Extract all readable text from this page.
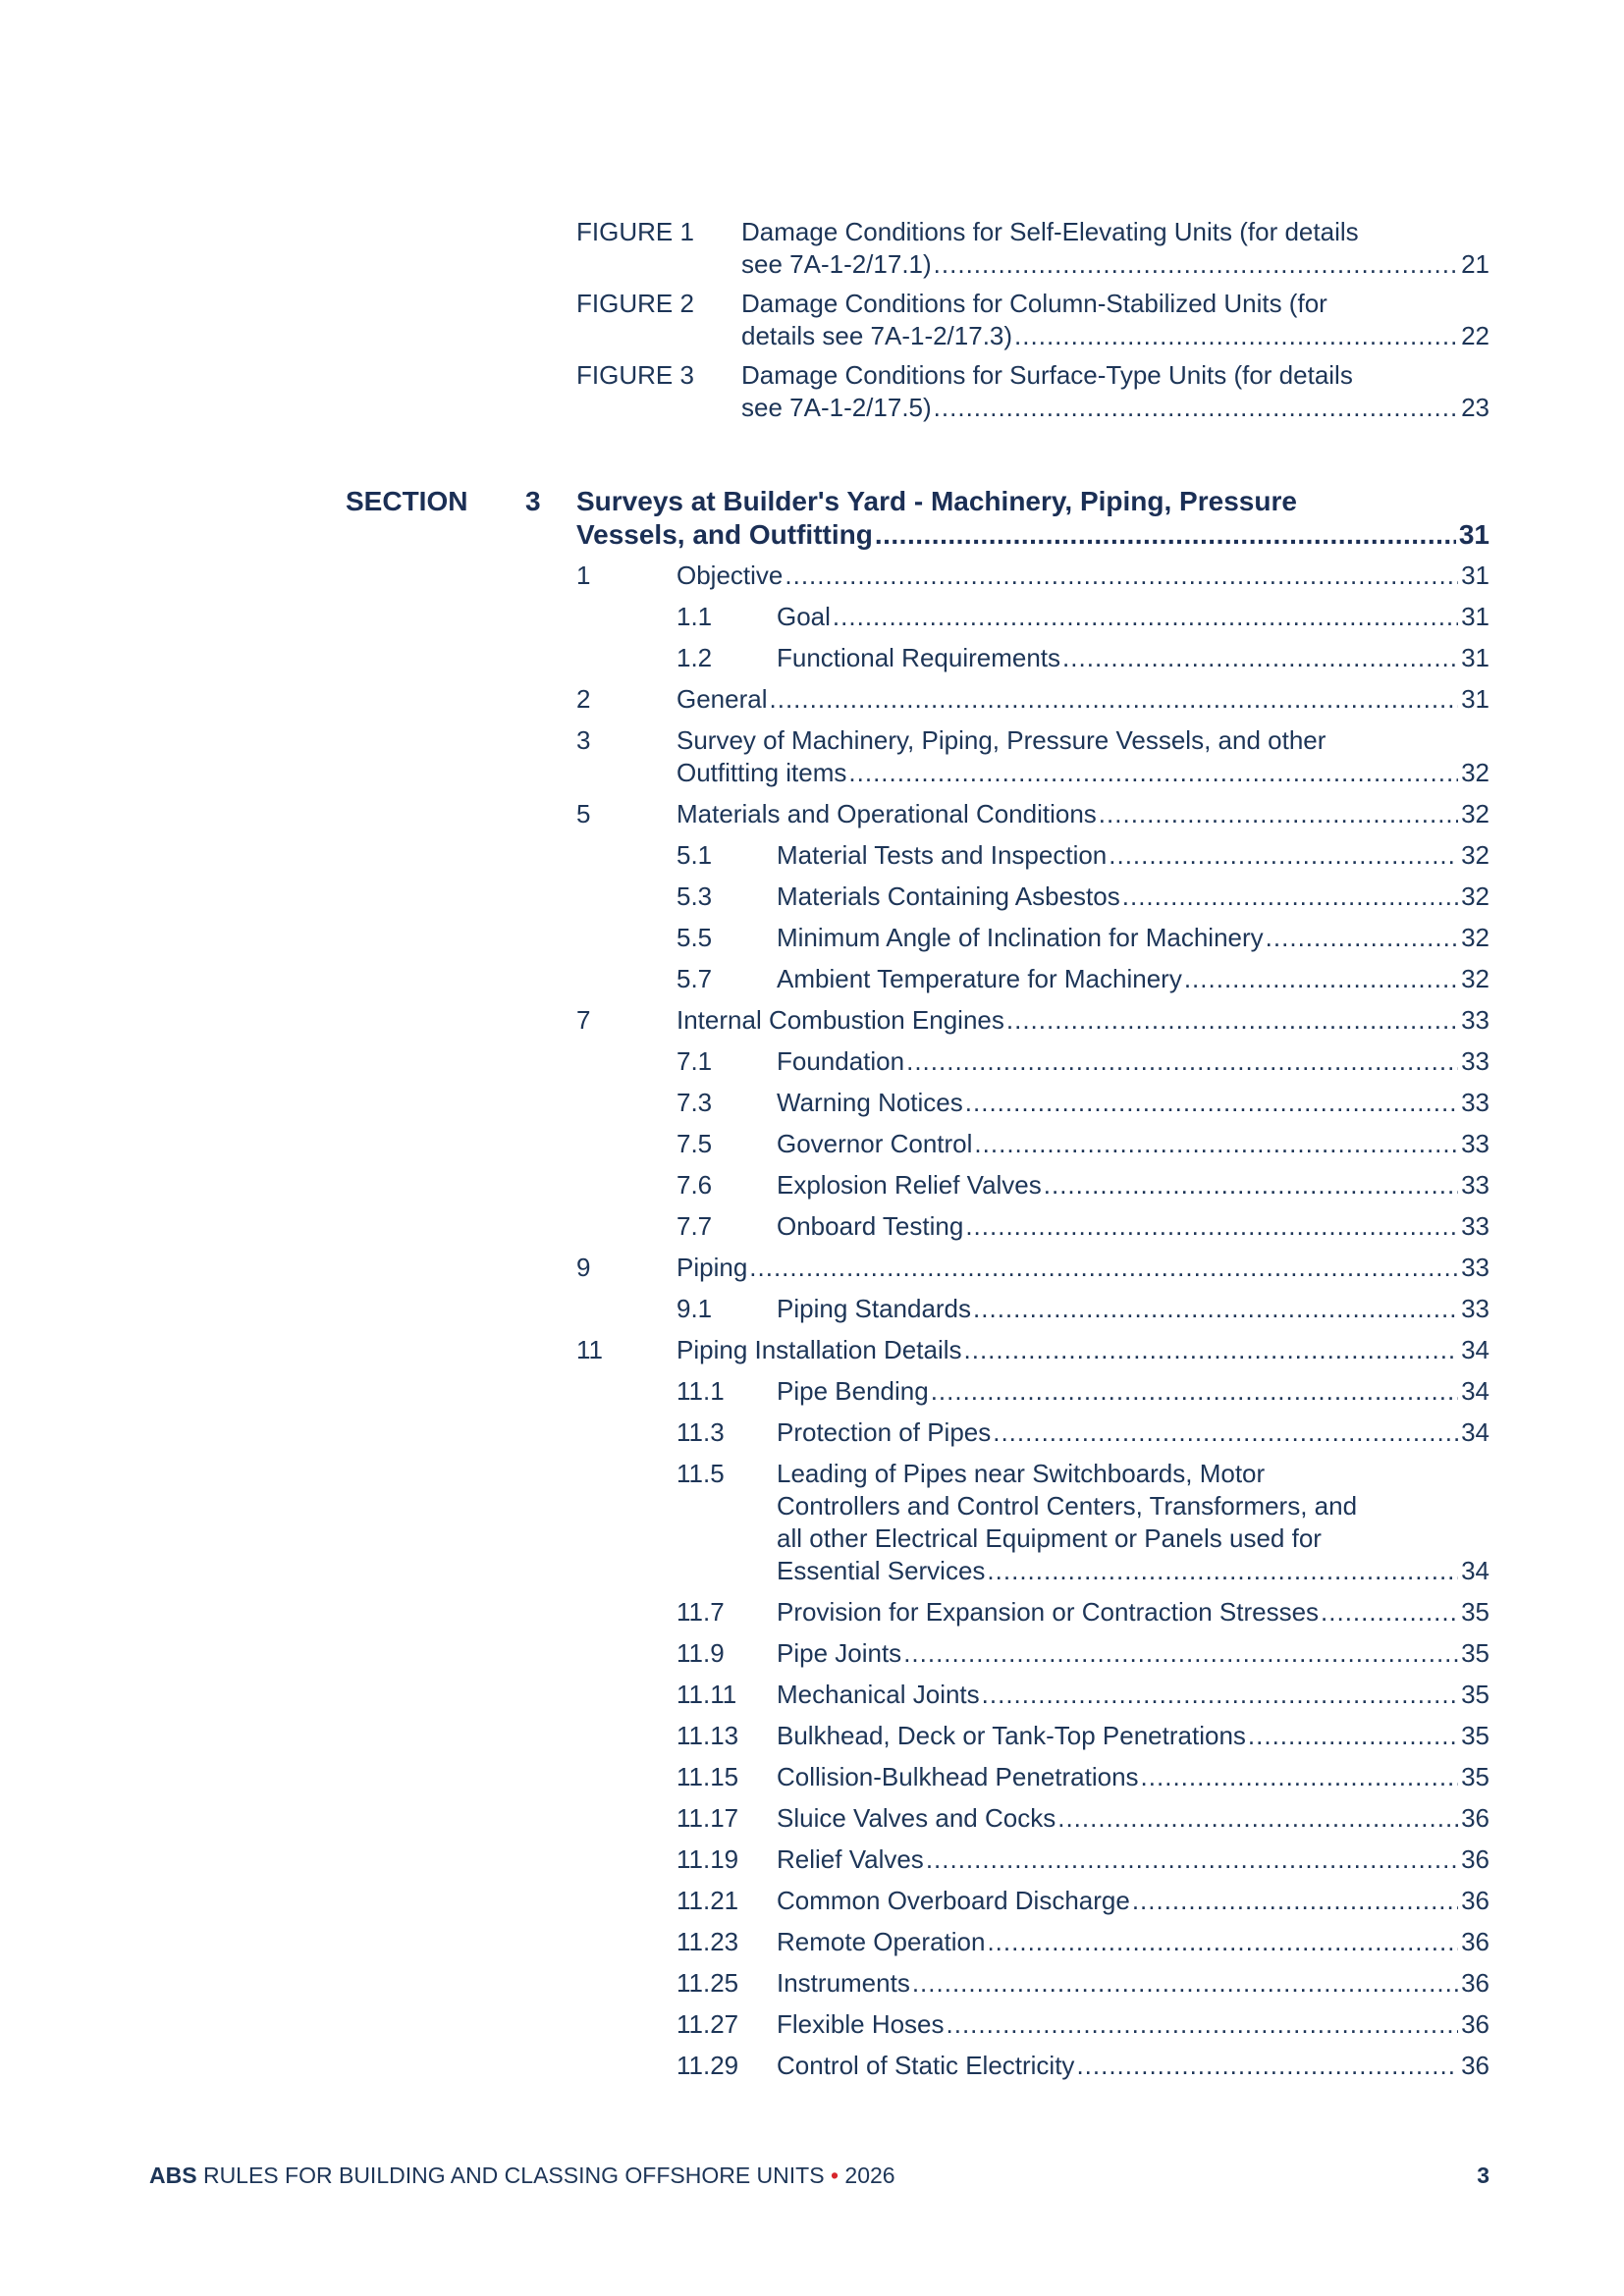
FIGURE 1 Damage Conditions for Self-Elevating Units (for details
see 7A-1-2/17.1) .....	21
FIGURE 2 Damage Conditions for Column-Stabilized Units (for
details see 7A-1-2/17.3) .....	22
FIGURE 3 Damage Conditions for Surface-Type Units (for details
see 7A-1-2/17.5) .....	23
SECTION 3 Surveys at Builder's Yard - Machinery, Piping, Pressure
Vessels, and Outfitting .....	31
1	Objective .....	31
1.1	Goal .....	31
1.2	Functional Requirements .....	31
2	General .....	31
3	Survey of Machinery, Piping, Pressure Vessels, and other
Outfitting items .....	32
5	Materials and Operational Conditions .....	32
5.1	Material Tests and Inspection .....	32
5.3	Materials Containing Asbestos .....	32
5.5	Minimum Angle of Inclination for Machinery .....	32
5.7	Ambient Temperature for Machinery .....	32
7	Internal Combustion Engines .....	33
7.1	Foundation .....	33
7.3	Warning Notices .....	33
7.5	Governor Control .....	33
7.6	Explosion Relief Valves .....	33
7.7	Onboard Testing .....	33
9	Piping .....	33
9.1	Piping Standards .....	33
11	Piping Installation Details .....	34
11.1 Pipe Bending .....	34
11.3 Protection of Pipes .....	34
11.5 Leading of Pipes near Switchboards, Motor
Controllers and Control Centers, Transformers, and
all other Electrical Equipment or Panels used for
Essential Services .....	34
11.7 Provision for Expansion or Contraction Stresses .....	35
11.9 Pipe Joints .....	35
11.11 Mechanical Joints .....	35
11.13 Bulkhead, Deck or Tank-Top Penetrations .....	35
11.15 Collision-Bulkhead Penetrations .....	35
11.17 Sluice Valves and Cocks .....	36
11.19 Relief Valves .....	36
11.21 Common Overboard Discharge .....	36
11.23 Remote Operation .....	36
11.25 Instruments .....	36
11.27 Flexible Hoses .....	36
11.29 Control of Static Electricity .....	36
ABS RULES FOR BUILDING AND CLASSING OFFSHORE UNITS • 2026	3
